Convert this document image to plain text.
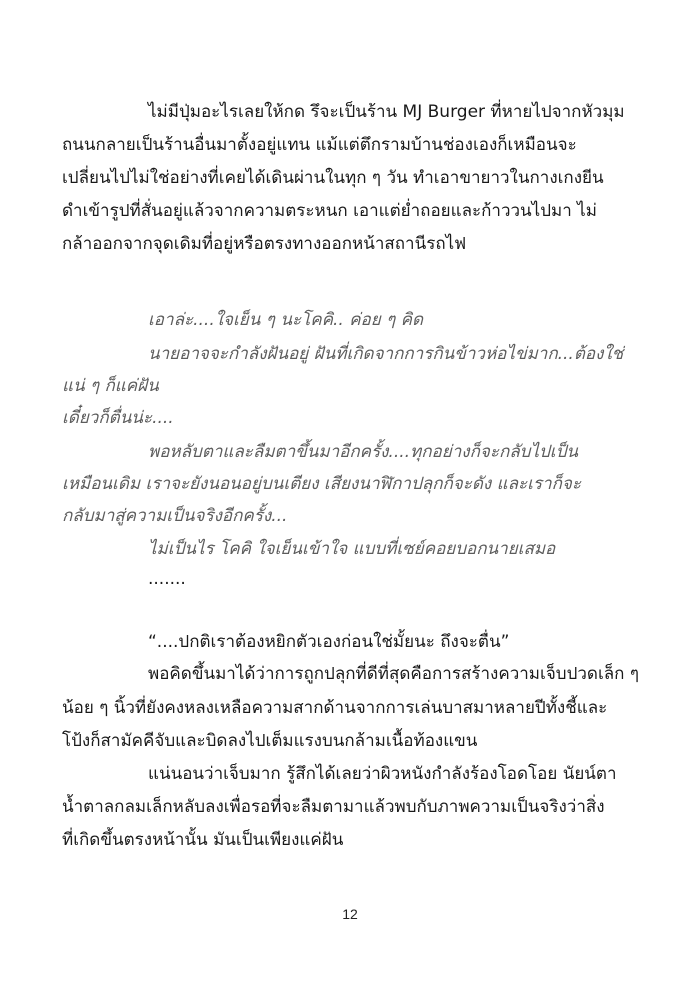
ไม่มีปุ่มอะไรเลยให้กด รึจะเป็นร้าน MJ Burger ที่หายไปจากหัวมุม
ถนนกลายเป็นร้านอื่นมาตั้งอยู่แทน แม้แต่ตึกรามบ้านช่องเองก็เหมือนจะ
เปลี่ยนไปไม่ใช่อย่างที่เคยได้เดินผ่านในทุก ๆ วัน ทำเอาขายาวในกางเกงยีน
ดำเข้ารูปที่สั่นอยู่แล้วจากความตระหนก เอาแต่ย่ำถอยและก้าววนไปมา ไม่
กล้าออกจากจุดเดิมที่อยู่หรือตรงทางออกหน้าสถานีรถไฟ
เอาล่ะ....ใจเย็น ๆ นะโคคิ.. ค่อย ๆ คิด
นายอาจจะกำลังฝันอยู่ ฝันที่เกิดจากการกินข้าวห่อไข่มาก...ต้องใช่
แน่ ๆ ก็แค่ฝัน
เดี๋ยวก็ตื่นน่ะ....
พอหลับตาและลืมตาขึ้นมาอีกครั้ง....ทุกอย่างก็จะกลับไปเป็น
เหมือนเดิม เราจะยังนอนอยู่บนเตียง เสียงนาฬิกาปลุกก็จะดัง และเราก็จะ
กลับมาสู่ความเป็นจริงอีกครั้ง...
ไม่เป็นไร โคคิ ใจเย็นเข้าใจ แบบที่เซย์คอยบอกนายเสมอ
.......
“....ปกติเราต้องหยิกตัวเองก่อนใช่มั้ยนะ ถึงจะตื่น”
พอคิดขึ้นมาได้ว่าการถูกปลุกที่ดีที่สุดคือการสร้างความเจ็บปวดเล็ก ๆ
น้อย ๆ นิ้วที่ยังคงหลงเหลือความสากด้านจากการเล่นบาสมาหลายปีทั้งชี้และ
โป้งก็สามัคคีจับและบิดลงไปเต็มแรงบนกล้ามเนื้อท้องแขน
แน่นอนว่าเจ็บมาก รู้สึกได้เลยว่าผิวหนังกำลังร้องโอดโอย นัยน์ตา
น้ำตาลกลมเล็กหลับลงเพื่อรอที่จะลืมตามาแล้วพบกับภาพความเป็นจริงว่าสิ่ง
ที่เกิดขึ้นตรงหน้านั้น มันเป็นเพียงแค่ฝัน
12
